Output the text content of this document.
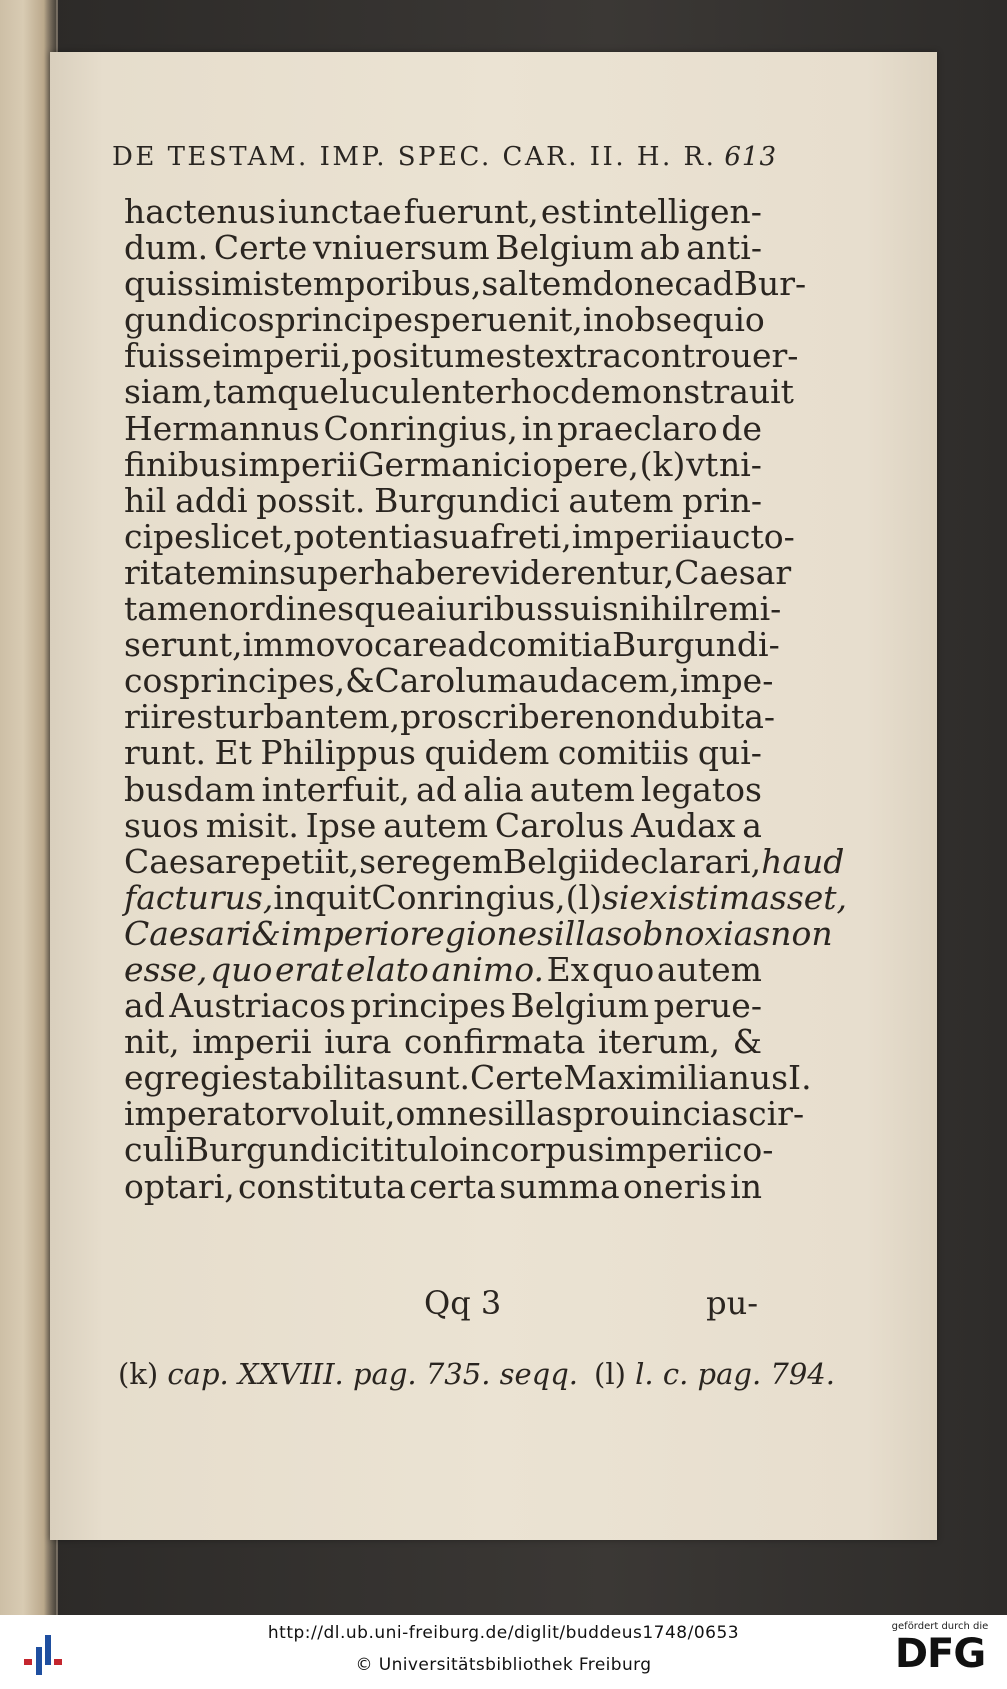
DE TESTAM. IMP. SPEC. CAR. II. H. R. 613
hactenus iunctae fuerunt, est intelligen-
dum. Certe vniuersum Belgium ab anti-
quissimis temporibus, saltem donec ad Bur-
gundicos principes peruenit, in obsequio
fuisse imperii, positum est extra controuer-
siam, tamque luculenter hoc demonstrauit
Hermannus Conringius, in praeclaro de
finibus imperii Germanici opere, (k) vt ni-
hil addi possit. Burgundici autem prin-
cipes licet, potentia sua freti, imperii aucto-
ritatem insuper habere viderentur, Caesar
tamen ordinesque a iuribus suis nihil remi-
serunt, immo vocare ad comitia Burgundi-
cos principes, & Carolum audacem, impe-
rii res turbantem, proscribere non dubita-
runt. Et Philippus quidem comitiis qui-
busdam interfuit, ad alia autem legatos
suos misit. Ipse autem Carolus Audax a
Caesare petiit, se regem Belgii declarari, haud
facturus, inquit Conringius, (l) si existimasset,
Caesari & imperio regiones illas obnoxias non
esse, quo erat elato animo. Ex quo autem
ad Austriacos principes Belgium perue-
nit, imperii iura confirmata iterum, &
egregie stabilita sunt. Certe Maximilianus I.
imperator voluit, omnes illas prouincias cir-
culi Burgundici titulo in corpus imperii co-
optari, constituta certa summa oneris in
Qq 3	pu-
(k) cap. XXVIII. pag. 735. seqq. (l) l. c. pag. 794.
http://dl.ub.uni-freiburg.de/diglit/buddeus1748/0653
© Universitätsbibliothek Freiburg
gefördert durch die
DFG
